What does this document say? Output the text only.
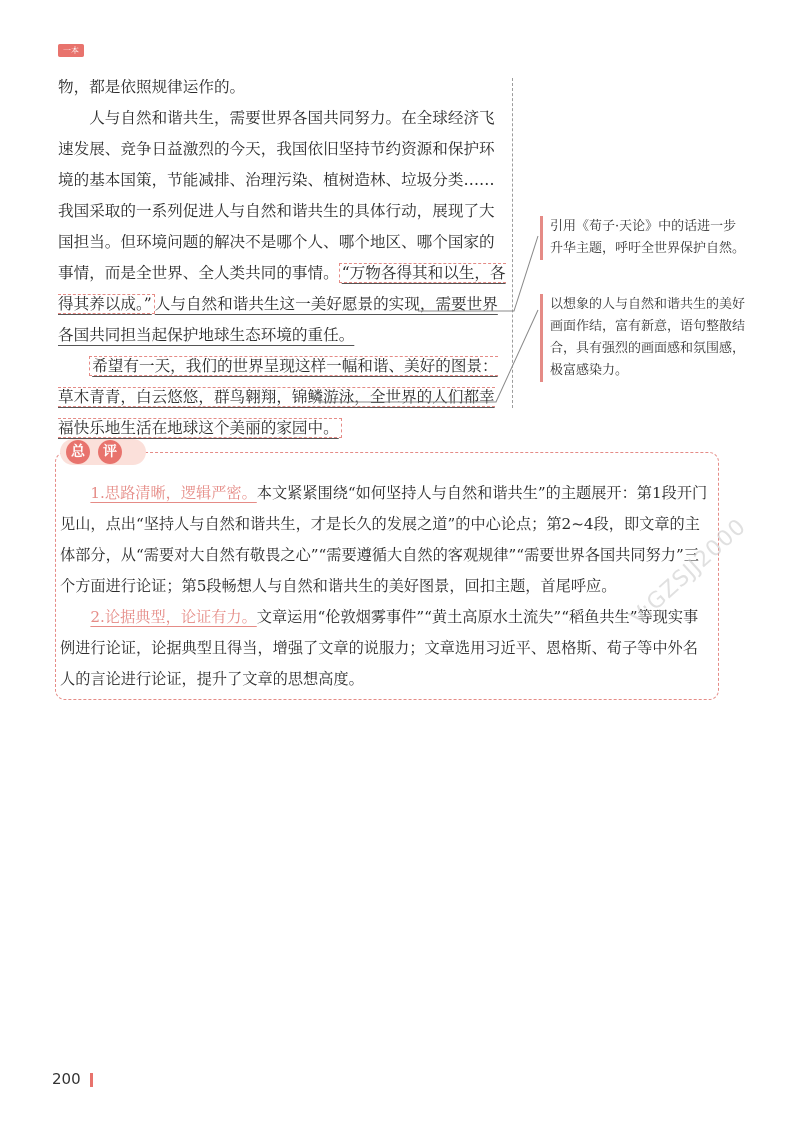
一本

物，都是依照规律运作的。

人与自然和谐共生，需要世界各国共同努力。在全球经济飞速发展、竞争日益激烈的今天，我国依旧坚持节约资源和保护环境的基本国策，节能减排、治理污染、植树造林、垃圾分类……我国采取的一系列促进人与自然和谐共生的具体行动，展现了大国担当。但环境问题的解决不是哪个人、哪个地区、哪个国家的事情，而是全世界、全人类共同的事情。 “万物各得其和以生，各得其养以成。” 人与自然和谐共生这一美好愿景的实现，需要世界各国共同担当起保护地球生态环境的重任。

希望有一天，我们的世界呈现这样一幅和谐、美好的图景：草木青青，白云悠悠，群鸟翱翔，锦鳞游泳，全世界的人们都幸福快乐地生活在地球这个美丽的家园中。

引用《荀子·天论》中的话进一步升华主题，呼吁全世界保护自然。
以想象的人与自然和谐共生的美好画面作结，富有新意，语句整散结合，具有强烈的画面感和氛围感，极富感染力。
总	评

1.思路清晰，逻辑严密。本文紧紧围绕“如何坚持人与自然和谐共生”的主题展开：第1段开门见山，点出“坚持人与自然和谐共生，才是长久的发展之道”的中心论点；第2~4段，即文章的主体部分，从“需要对大自然有敬畏之心”“需要遵循大自然的客观规律”“需要世界各国共同努力”三个方面进行论证；第5段畅想人与自然和谐共生的美好图景，回扣主题，首尾呼应。

2.论据典型，论证有力。文章运用“伦敦烟雾事件”“黄土高原水土流失”“稻鱼共生”等现实事例进行论证，论据典型且得当，增强了文章的说服力；文章选用习近平、恩格斯、荀子等中外名人的言论进行论证，提升了文章的思想高度。

V:GZSJJ2000
200
